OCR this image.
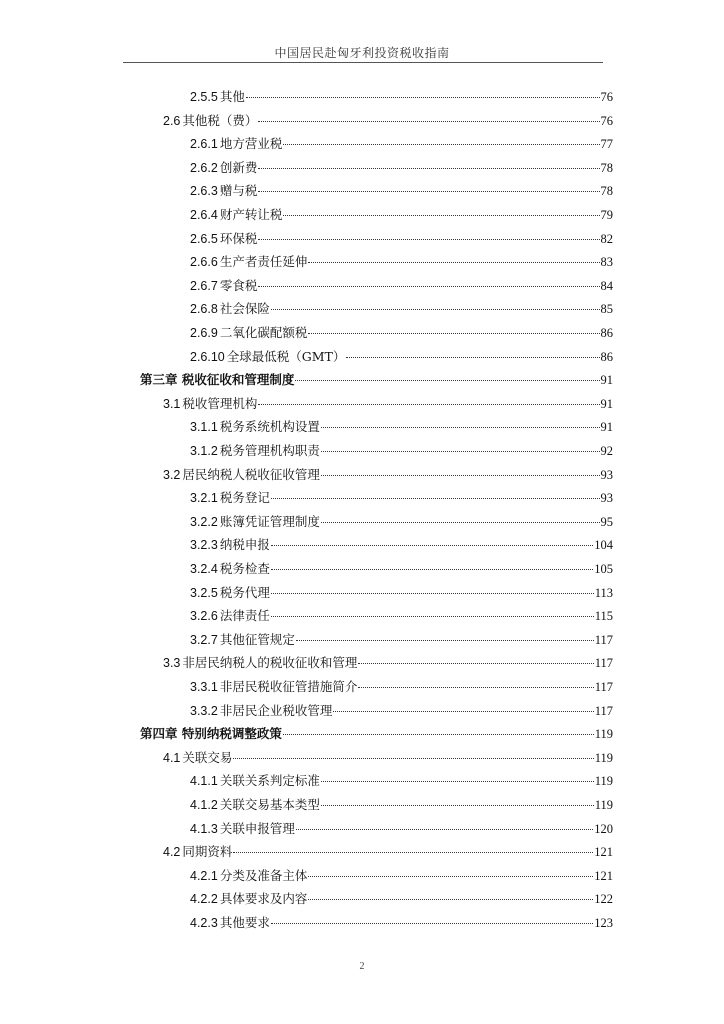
中国居民赴匈牙利投资税收指南
2.5.5 其他	76
2.6 其他税（费）	76
2.6.1 地方营业税	77
2.6.2 创新费	78
2.6.3 赠与税	78
2.6.4 财产转让税	79
2.6.5 环保税	82
2.6.6 生产者责任延伸	83
2.6.7 零食税	84
2.6.8 社会保险	85
2.6.9 二氧化碳配额税	86
2.6.10 全球最低税（GMT）	86
第三章 税收征收和管理制度	91
3.1 税收管理机构	91
3.1.1 税务系统机构设置	91
3.1.2 税务管理机构职责	92
3.2 居民纳税人税收征收管理	93
3.2.1 税务登记	93
3.2.2 账簿凭证管理制度	95
3.2.3 纳税申报	104
3.2.4 税务检查	105
3.2.5 税务代理	113
3.2.6 法律责任	115
3.2.7 其他征管规定	117
3.3 非居民纳税人的税收征收和管理	117
3.3.1 非居民税收征管措施简介	117
3.3.2 非居民企业税收管理	117
第四章 特别纳税调整政策	119
4.1 关联交易	119
4.1.1 关联关系判定标准	119
4.1.2 关联交易基本类型	119
4.1.3 关联申报管理	120
4.2 同期资料	121
4.2.1 分类及准备主体	121
4.2.2 具体要求及内容	122
4.2.3 其他要求	123
2
